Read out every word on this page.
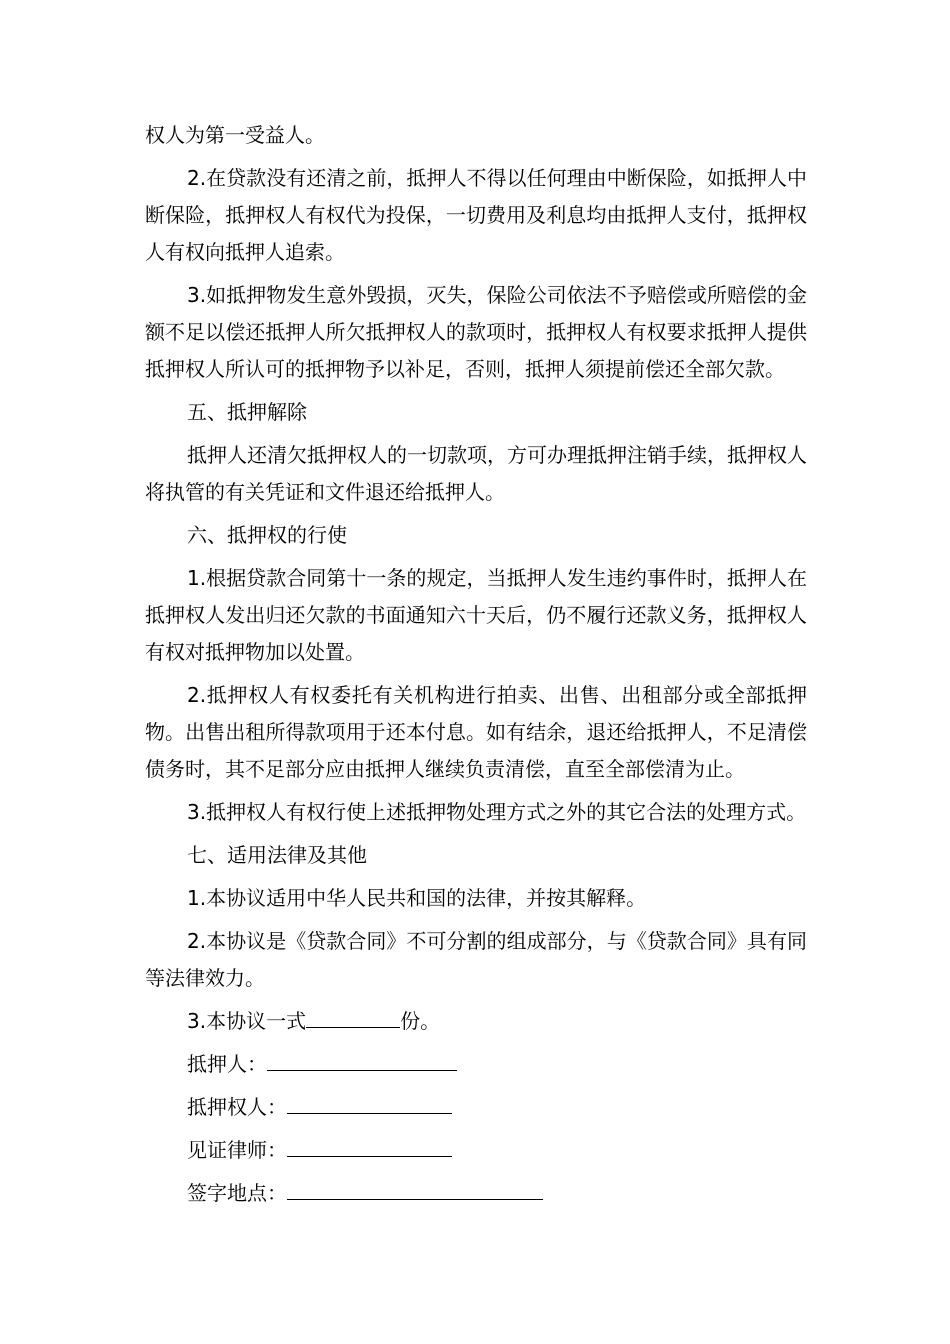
权人为第一受益人。

2.在贷款没有还清之前，抵押人不得以任何理由中断保险，如抵押人中断保险，抵押权人有权代为投保，一切费用及利息均由抵押人支付，抵押权人有权向抵押人追索。

3.如抵押物发生意外毁损，灭失，保险公司依法不予赔偿或所赔偿的金额不足以偿还抵押人所欠抵押权人的款项时，抵押权人有权要求抵押人提供抵押权人所认可的抵押物予以补足，否则，抵押人须提前偿还全部欠款。

五、抵押解除

抵押人还清欠抵押权人的一切款项，方可办理抵押注销手续，抵押权人将执管的有关凭证和文件退还给抵押人。

六、抵押权的行使

1.根据贷款合同第十一条的规定，当抵押人发生违约事件时，抵押人在抵押权人发出归还欠款的书面通知六十天后，仍不履行还款义务，抵押权人有权对抵押物加以处置。

2.抵押权人有权委托有关机构进行拍卖、出售、出租部分或全部抵押物。出售出租所得款项用于还本付息。如有结余，退还给抵押人，不足清偿债务时，其不足部分应由抵押人继续负责清偿，直至全部偿清为止。

3.抵押权人有权行使上述抵押物处理方式之外的其它合法的处理方式。

七、适用法律及其他

1.本协议适用中华人民共和国的法律，并按其解释。

2.本协议是《贷款合同》不可分割的组成部分，与《贷款合同》具有同等法律效力。

3.本协议一式	份。
抵押人：
抵押权人：
见证律师：
签字地点：
